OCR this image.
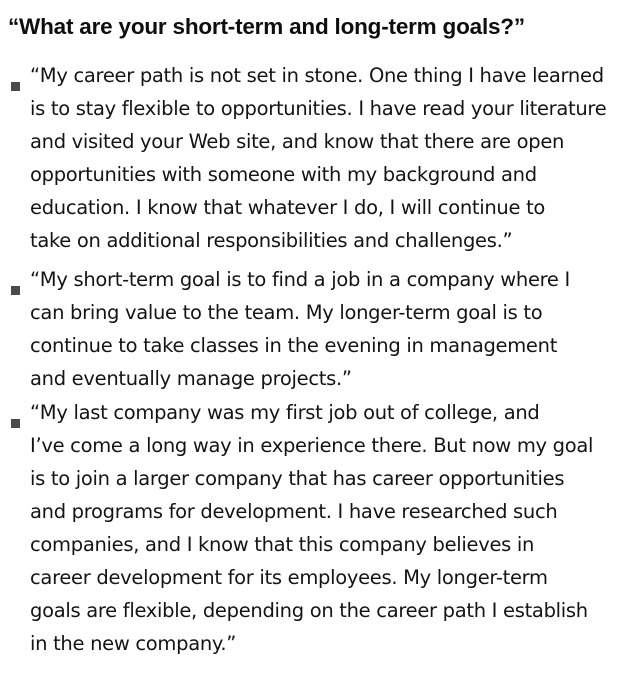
“What are your short-term and long-term goals?”

“My career path is not set in stone. One thing I have learned

is to stay flexible to opportunities. I have read your literature

and visited your Web site, and know that there are open

opportunities with someone with my background and

education. I know that whatever I do, I will continue to

take on additional responsibilities and challenges.”

“My short-term goal is to find a job in a company where I

can bring value to the team. My longer-term goal is to

continue to take classes in the evening in management

and eventually manage projects.”

“My last company was my first job out of college, and

I’ve come a long way in experience there. But now my goal

is to join a larger company that has career opportunities

and programs for development. I have researched such

companies, and I know that this company believes in

career development for its employees. My longer-term

goals are flexible, depending on the career path I establish

in the new company.”
